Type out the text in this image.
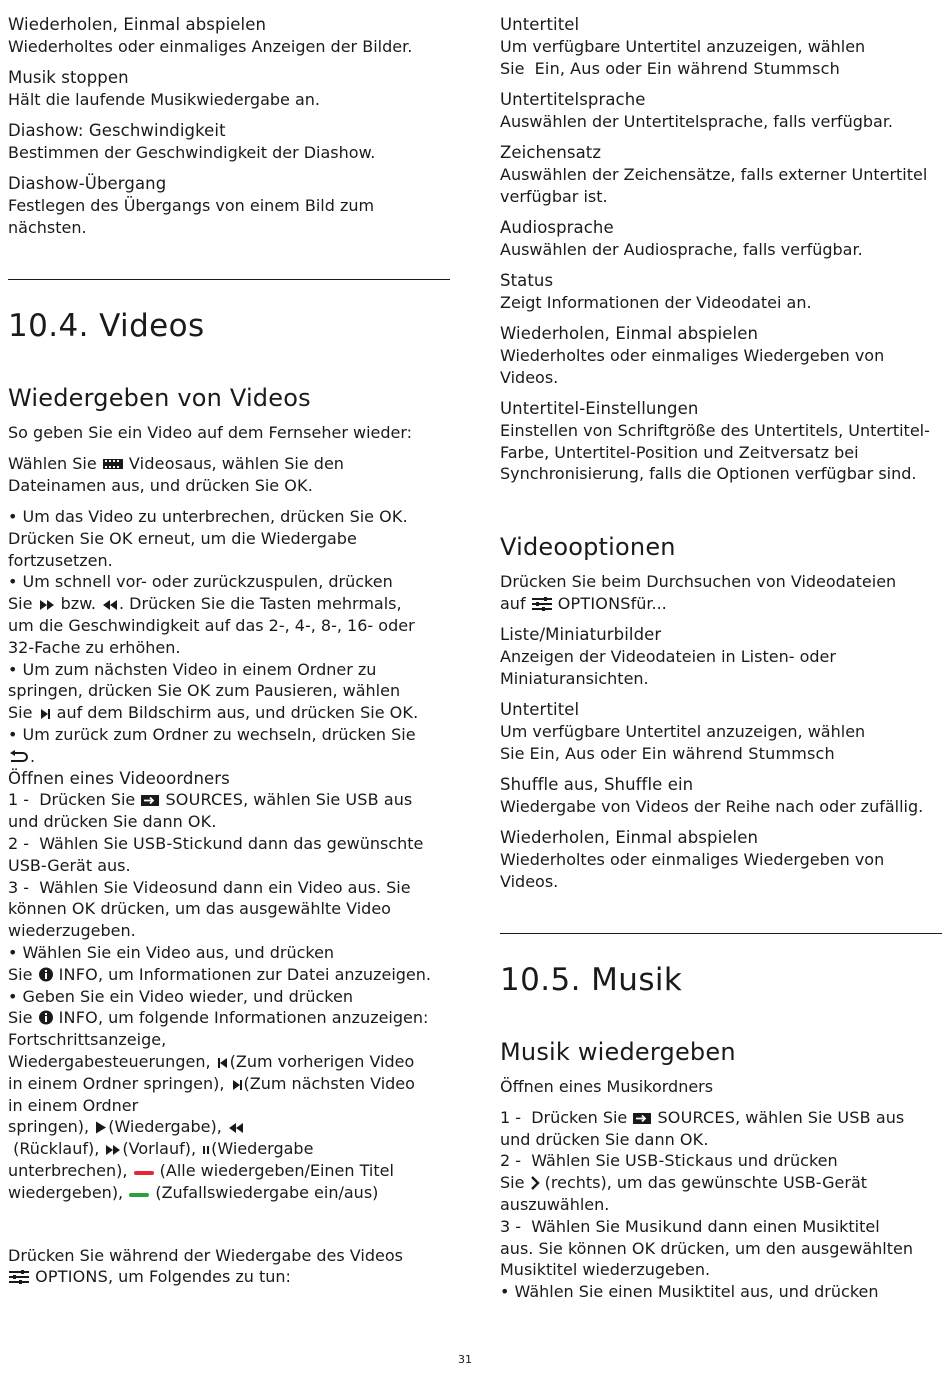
Wiederholen, Einmal abspielen
Wiederholtes oder einmaliges Anzeigen der Bilder.
Musik stoppen
Hält die laufende Musikwiedergabe an.
Diashow: Geschwindigkeit
Bestimmen der Geschwindigkeit der Diashow.
Diashow-Übergang
Festlegen des Übergangs von einem Bild zum
nächsten.
10.4. Videos
Wiedergeben von Videos
So geben Sie ein Video auf dem Fernseher wieder:
Wählen Sie Videosaus, wählen Sie den
Dateinamen aus, und drücken Sie OK.
• Um das Video zu unterbrechen, drücken Sie OK.
Drücken Sie OK erneut, um die Wiedergabe
fortzusetzen.
• Um schnell vor- oder zurückzuspulen, drücken
Sie bzw. . Drücken Sie die Tasten mehrmals,
um die Geschwindigkeit auf das 2-, 4-, 8-, 16- oder
32-Fache zu erhöhen.
• Um zum nächsten Video in einem Ordner zu
springen, drücken Sie OK zum Pausieren, wählen
Sie auf dem Bildschirm aus, und drücken Sie OK.
• Um zurück zum Ordner zu wechseln, drücken Sie
.
Öffnen eines Videoordners
1 - Drücken Sie SOURCES, wählen Sie USB aus
und drücken Sie dann OK.
2 - Wählen Sie USB-Stickund dann das gewünschte
USB-Gerät aus.
3 - Wählen Sie Videosund dann ein Video aus. Sie
können OK drücken, um das ausgewählte Video
wiederzugeben.
• Wählen Sie ein Video aus, und drücken
Sie INFO, um Informationen zur Datei anzuzeigen.
• Geben Sie ein Video wieder, und drücken
Sie INFO, um folgende Informationen anzuzeigen:
Fortschrittsanzeige,
Wiedergabesteuerungen, (Zum vorherigen Video
in einem Ordner springen), (Zum nächsten Video
in einem Ordner
springen), (Wiedergabe),
(Rücklauf), (Vorlauf), (Wiedergabe
unterbrechen), (Alle wiedergeben/Einen Titel
wiedergeben), (Zufallswiedergabe ein/aus)
Drücken Sie während der Wiedergabe des Videos
OPTIONS, um Folgendes zu tun:
Untertitel
Um verfügbare Untertitel anzuzeigen, wählen
Sie Ein, Aus oder Ein während Stummsch
Untertitelsprache
Auswählen der Untertitelsprache, falls verfügbar.
Zeichensatz
Auswählen der Zeichensätze, falls externer Untertitel
verfügbar ist.
Audiosprache
Auswählen der Audiosprache, falls verfügbar.
Status
Zeigt Informationen der Videodatei an.
Wiederholen, Einmal abspielen
Wiederholtes oder einmaliges Wiedergeben von
Videos.
Untertitel-Einstellungen
Einstellen von Schriftgröße des Untertitels, Untertitel-
Farbe, Untertitel-Position und Zeitversatz bei
Synchronisierung, falls die Optionen verfügbar sind.
Videooptionen
Drücken Sie beim Durchsuchen von Videodateien
auf OPTIONSfür...
Liste/Miniaturbilder
Anzeigen der Videodateien in Listen- oder
Miniaturansichten.
Untertitel
Um verfügbare Untertitel anzuzeigen, wählen
Sie Ein, Aus oder Ein während Stummsch
Shuffle aus, Shuffle ein
Wiedergabe von Videos der Reihe nach oder zufällig.
Wiederholen, Einmal abspielen
Wiederholtes oder einmaliges Wiedergeben von
Videos.
10.5. Musik
Musik wiedergeben
Öffnen eines Musikordners
1 - Drücken Sie SOURCES, wählen Sie USB aus
und drücken Sie dann OK.
2 - Wählen Sie USB-Stickaus und drücken
Sie (rechts), um das gewünschte USB-Gerät
auszuwählen.
3 - Wählen Sie Musikund dann einen Musiktitel
aus. Sie können OK drücken, um den ausgewählten
Musiktitel wiederzugeben.
• Wählen Sie einen Musiktitel aus, und drücken
31
